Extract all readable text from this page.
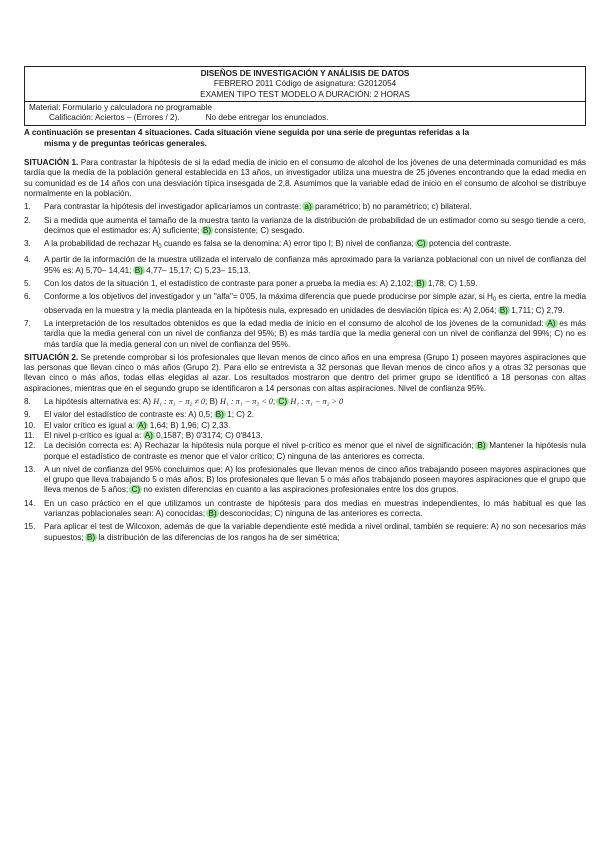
DISEÑOS DE INVESTIGACIÓN Y ANÁLISIS DE DATOS
FEBRERO 2011 Código de asignatura: G2012054
EXAMEN TIPO TEST MODELO A DURACIÓN: 2 HORAS
Material: Formulario y calculadora no programable
Calificación: Aciertos – (Errores / 2).	No debe entregar los enunciados.
A continuación se presentan 4 situaciones. Cada situación viene seguida por una serie de preguntas referidas a la
misma y de preguntas teóricas generales.
SITUACIÓN 1. Para contrastar la hipótesis de si la edad media de inicio en el consumo de alcohol de los jóvenes de una determinada comunidad es más tardía que la media de la población general establecida en 13 años, un investigador utiliza una muestra de 25 jóvenes encontrando que la edad media en su comunidad es de 14 años con una desviación típica insesgada de 2,8. Asumimos que la variable edad de inicio en el consumo de alcohol se distribuye normalmente en la población.
1.	Para contrastar la hipótesis del investigador aplicaríamos un contraste: a) paramétrico; b) no paramétrico; c) bilateral.
2.	Si a medida que aumenta el tamaño de la muestra tanto la varianza de la distribución de probabilidad de un estimador como su sesgo tiende a cero, decimos que el estimador es: A) suficiente; B) consistente; C) sesgado.
3.	A la probabilidad de rechazar $H_0$ cuando es falsa se la denomina: A) error tipo I; B) nivel de confianza; C) potencia del contraste.
4.	A partir de la información de la muestra utilizada el intervalo de confianza más aproximado para la varianza poblacional con un nivel de confianza del 95% es: A) 5,70– 14,41; B) 4,77– 15,17; C) 5,23– 15,13.
5.	Con los datos de la situación 1, el estadístico de contraste para poner a prueba la media es: A) 2,102; B) 1,78; C) 1,59.
6.	Conforme a los objetivos del investigador y un "alfa"= 0'05, la máxima diferencia que puede producirse por simple azar, si $H_0$ es cierta, entre la media observada en la muestra y la media planteada en la hipótesis nula, expresado en unidades de desviación típica es: A) 2,064; B) 1,711; C) 2,79.
7.	La interpretación de los resultados obtenidos es que la edad media de inicio en el consumo de alcohol de los jóvenes de la comunidad: A) es más tardía que la media general con un nivel de confianza del 95%; B) es más tardía que la media general con un nivel de confianza del 99%; C) no es más tardía que la media general con un nivel de confianza del 95%.
SITUACIÓN 2. Se pretende comprobar si los profesionales que llevan menos de cinco años en una empresa (Grupo 1) poseen mayores aspiraciones que las personas que llevan cinco o más años (Grupo 2). Para ello se entrevista a 32 personas que llevan menos de cinco años y a otras 32 personas que llevan cinco o más años, todas ellas elegidas al azar. Los resultados mostraron que dentro del primer grupo se identificó a 18 personas con altas aspiraciones, mientras que en el segundo grupo se identificaron a 14 personas con altas aspiraciones. Nivel de confianza 95%.
8.	La hipótesis alternativa es: A) H₁ : π₁ − π₂ ≠ 0; B) H₁ : π₁ − π₂ < 0; C) H₁ : π₁ − π₂ > 0
9.	El valor del estadístico de contraste es: A) 0,5; B) 1; C) 2.
10.	El valor crítico es igual a: A) 1,64; B) 1,96; C) 2,33.
11.	El nivel p-crítico es igual a: A) 0,1587; B) 0'3174; C) 0'8413.
12.	La decisión correcta es: A) Rechazar la hipótesis nula porque el nivel p-crítico es menor que el nivel de significación; B) Mantener la hipótesis nula porque el estadístico de contraste es menor que el valor crítico; C) ninguna de las anteriores es correcta.
13.	A un nivel de confianza del 95% concluimos que: A) los profesionales que llevan menos de cinco años trabajando poseen mayores aspiraciones que el grupo que lleva trabajando 5 o más años; B) los profesionales que llevan 5 o más años trabajando poseen mayores aspiraciones que el grupo que lleva menos de 5 años; C) no existen diferencias en cuanto a las aspiraciones profesionales entre los dos grupos.
14.	En un caso práctico en el que utilizamos un contraste de hipótesis para dos medias en muestras independientes, lo más habitual es que las varianzas poblacionales sean: A) conocidas; B) desconocidas; C) ninguna de las anteriores es correcta.
15.	Para aplicar el test de Wilcoxon, además de que la variable dependiente esté medida a nivel ordinal, también se requiere: A) no son necesarios más supuestos; B) la distribución de las diferencias de los rangos ha de ser simétrica;
